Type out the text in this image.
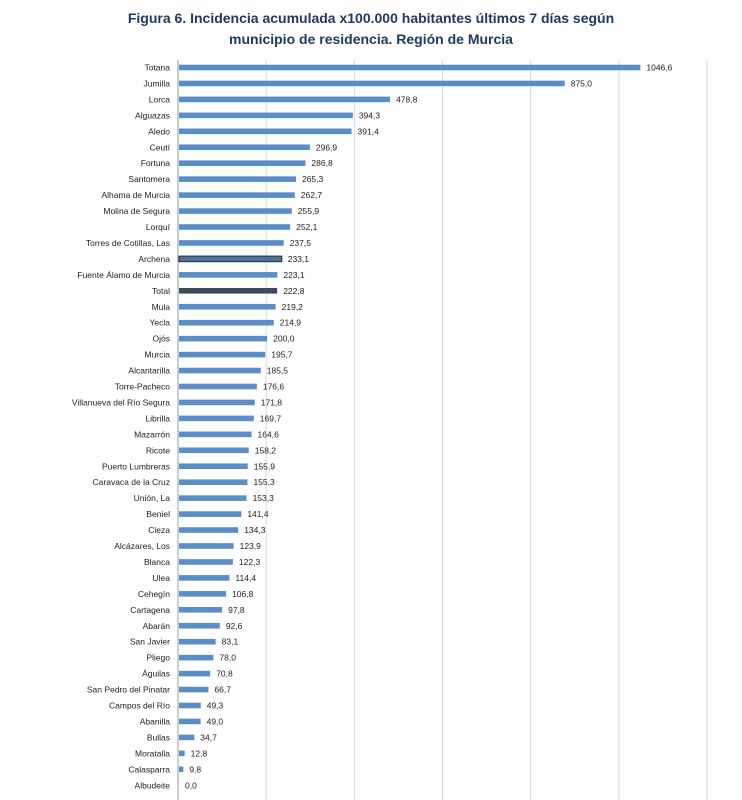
Figura 6. Incidencia acumulada x100.000 habitantes últimos 7 días según
municipio de residencia. Región de Murcia
Totana	1046,6
Jumilla	875,0
Lorca	478,8
Alguazas	394,3
Aledo	391,4
Ceutí	296,9
Fortuna	286,8
Santomera	265,3
Alhama de Murcia	262,7
Molina de Segura	255,9
Lorquí	252,1
Torres de Cotillas, Las	237,5
Archena	233,1
Fuente Álamo de Murcia	223,1
Total	222,8
Mula	219,2
Yecla	214,9
Ojós	200,0
Murcia	195,7
Alcantarilla	185,5
Torre-Pacheco	176,6
Villanueva del Río Segura	171,8
Librilla	169,7
Mazarrón	164,6
Ricote	158,2
Puerto Lumbreras	155,9
Caravaca de la Cruz	155,3
Unión, La	153,3
Beniel	141,4
Cieza	134,3
Alcázares, Los	123,9
Blanca	122,3
Ulea	114,4
Cehegín	106,8
Cartagena	97,8
Abarán	92,6
San Javier	83,1
Pliego	78,0
Águilas	70,8
San Pedro del Pinatar	66,7
Campos del Río	49,3
Abanilla	49,0
Bullas	34,7
Moratalla 12,8
Calasparra 9,8
Albudeite 0,0
